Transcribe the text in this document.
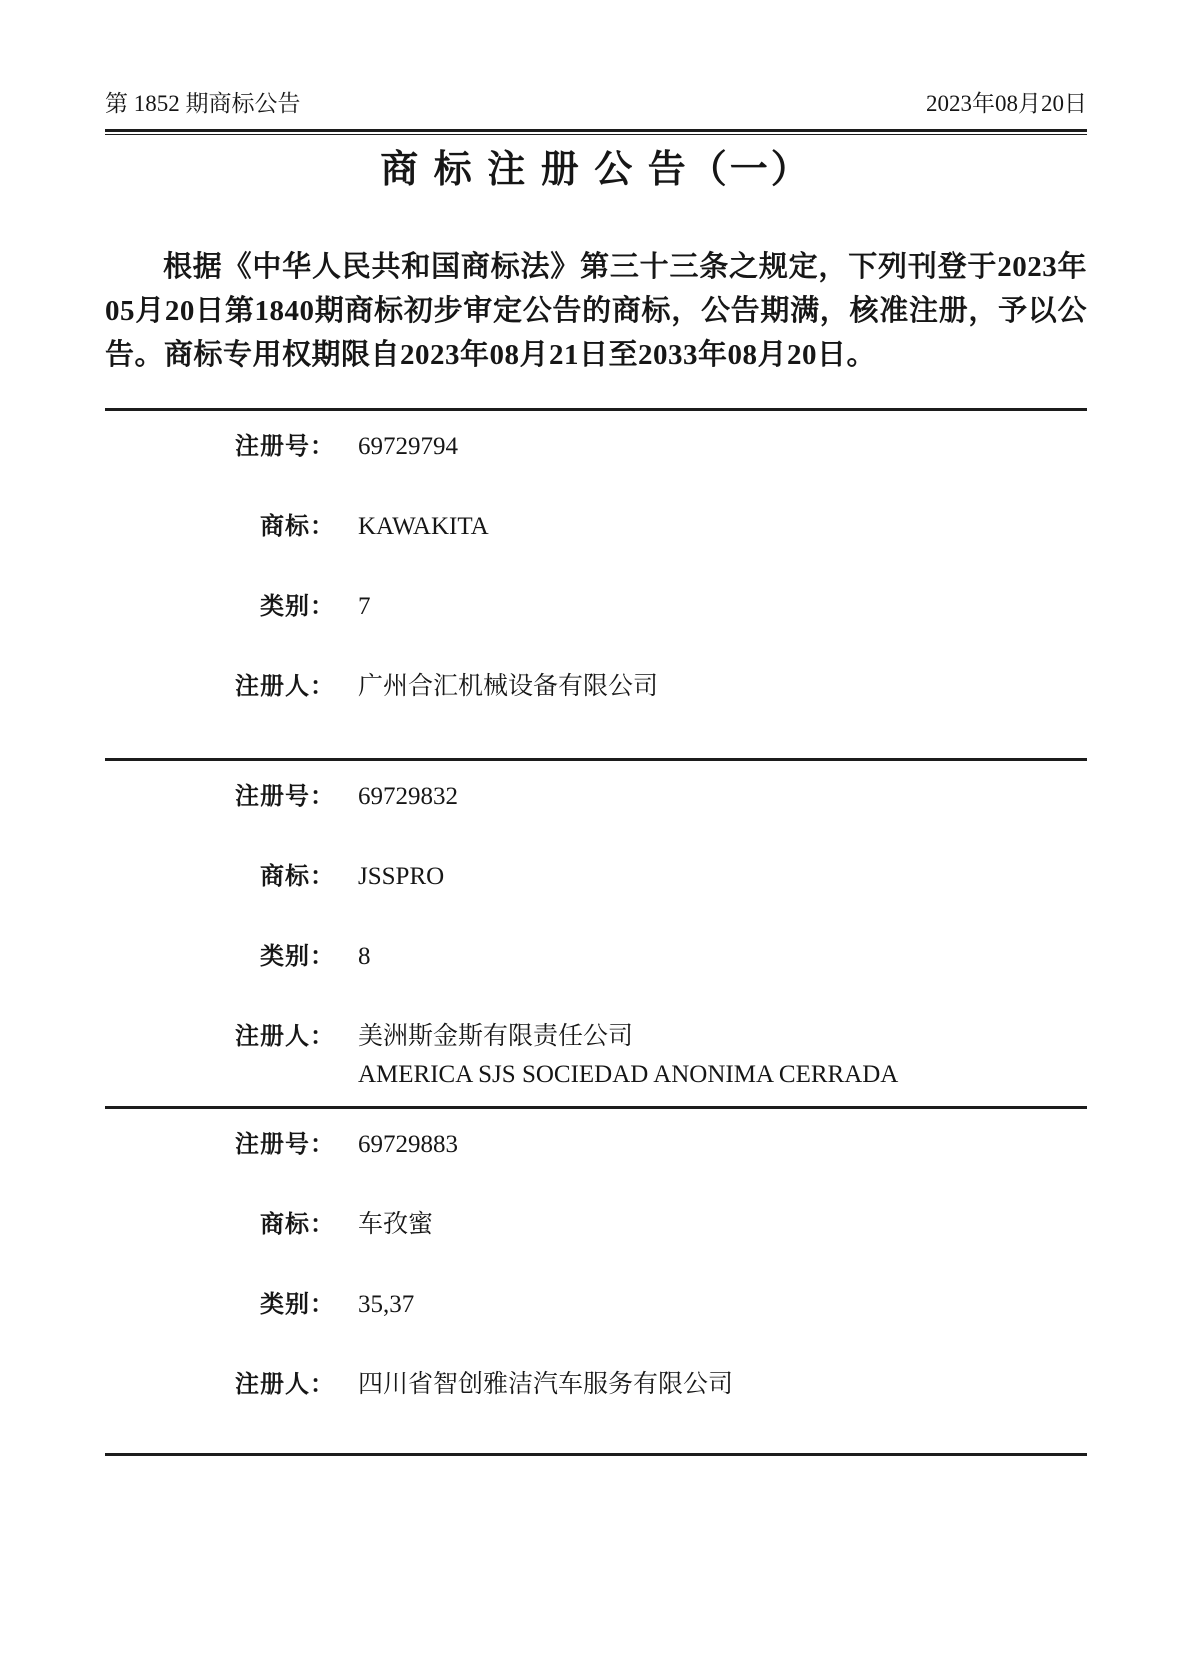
第 1852 期商标公告	2023年08月20日
商 标 注 册 公 告（一）

根据《中华人民共和国商标法》第三十三条之规定，下列刊登于2023年05月20日第1840期商标初步审定公告的商标，公告期满，核准注册，予以公告。商标专用权期限自2023年08月21日至2033年08月20日。

注册号： 69729794
商标： KAWAKITA
类别： 7
注册人： 广州合汇机械设备有限公司
注册号： 69729832
商标： JSSPRO
类别： 8
注册人： 美洲斯金斯有限责任公司
AMERICA SJS SOCIEDAD ANONIMA CERRADA
注册号： 69729883
商标： 车孜蜜
类别： 35,37
注册人： 四川省智创雅洁汽车服务有限公司
